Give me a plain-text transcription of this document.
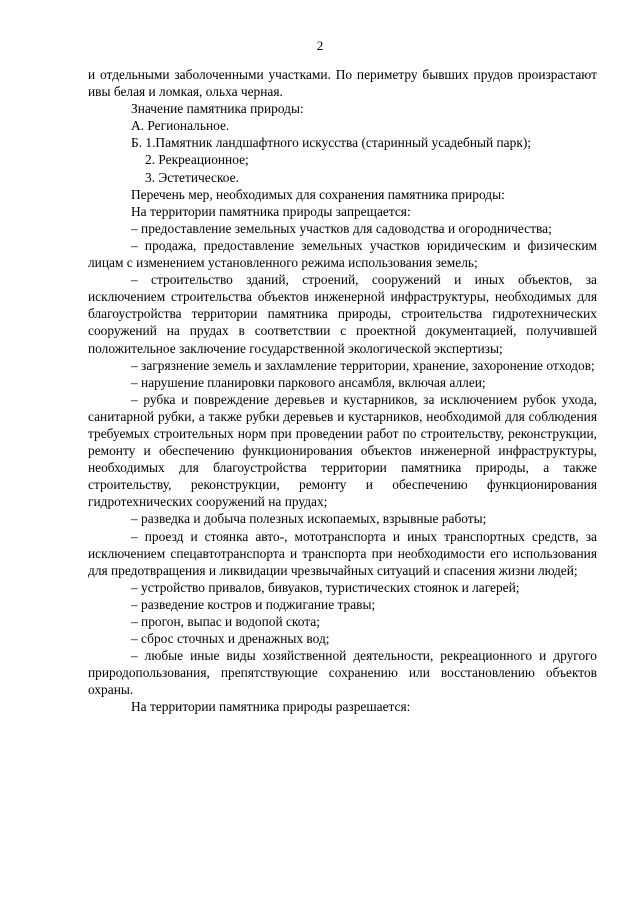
2

и отдельными заболоченными участками. По периметру бывших прудов произрастают ивы белая и ломкая, ольха черная.

Значение памятника природы:

А. Региональное.

Б. 1.Памятник ландшафтного искусства (старинный усадебный парк);

2. Рекреационное;

3. Эстетическое.

Перечень мер, необходимых для сохранения памятника природы:

На территории памятника природы запрещается:

– предоставление земельных участков для садоводства и огородничества;

– продажа, предоставление земельных участков юридическим и физическим лицам с изменением установленного режима использования земель;

– строительство зданий, строений, сооружений и иных объектов, за исключением строительства объектов инженерной инфраструктуры, необходимых для благоустройства территории памятника природы, строительства гидротехнических сооружений на прудах в соответствии с проектной документацией, получившей положительное заключение государственной экологической экспертизы;

– загрязнение земель и захламление территории, хранение, захоронение отходов;

– нарушение планировки паркового ансамбля, включая аллеи;

– рубка и повреждение деревьев и кустарников, за исключением рубок ухода, санитарной рубки, а также рубки деревьев и кустарников, необходимой для соблюдения требуемых строительных норм при проведении работ по строительству, реконструкции, ремонту и обеспечению функционирования объектов инженерной инфраструктуры, необходимых для благоустройства территории памятника природы, а также строительству, реконструкции, ремонту и обеспечению функционирования гидротехнических сооружений на прудах;

– разведка и добыча полезных ископаемых, взрывные работы;

– проезд и стоянка авто-, мототранспорта и иных транспортных средств, за исключением спецавтотранспорта и транспорта при необходимости его использования для предотвращения и ликвидации чрезвычайных ситуаций и спасения жизни людей;

– устройство привалов, бивуаков, туристических стоянок и лагерей;

– разведение костров и поджигание травы;

– прогон, выпас и водопой скота;

– сброс сточных и дренажных вод;

– любые иные виды хозяйственной деятельности, рекреационного и другого природопользования, препятствующие сохранению или восстановлению объектов охраны.

На территории памятника природы разрешается:
